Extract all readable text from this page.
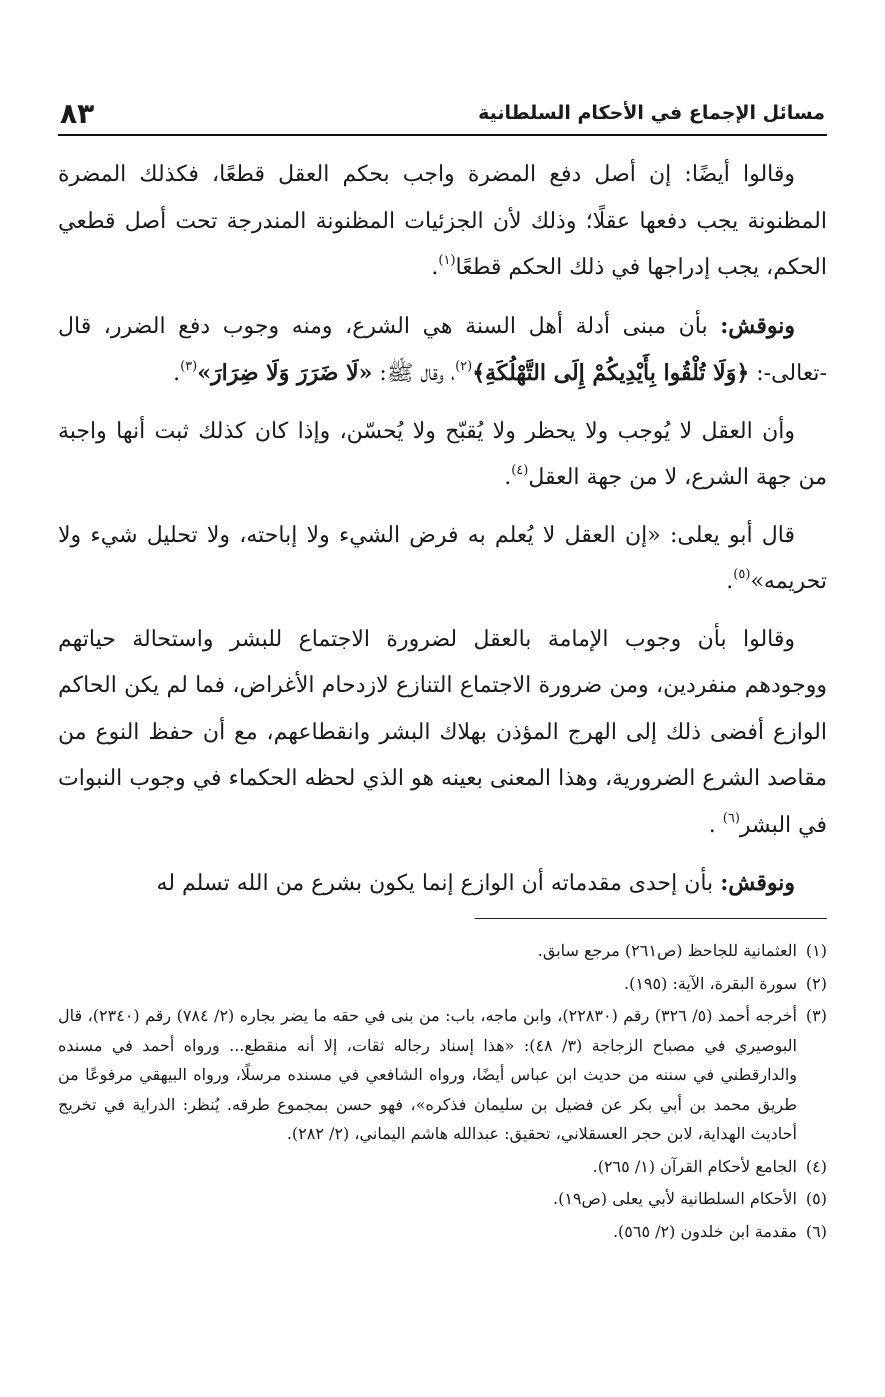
مسائل الإجماع في الأحكام السلطانية
٨٣

وقالوا أيضًا: إن أصل دفع المضرة واجب بحكم العقل قطعًا، فكذلك المضرة المظنونة يجب دفعها عقلًا؛ وذلك لأن الجزئيات المظنونة المندرجة تحت أصل قطعي الحكم، يجب إدراجها في ذلك الحكم قطعًا$^{(١)}$.

ونوقش: بأن مبنى أدلة أهل السنة هي الشرع، ومنه وجوب دفع الضرر، قال -تعالى-: ﴿وَلَا تُلْقُوا بِأَيْدِيكُمْ إِلَى التَّهْلُكَةِ﴾$^{(٢)}$، وقال ﷺ: «لَا ضَرَرَ وَلَا ضِرَارَ»$^{(٣)}$.

وأن العقل لا يُوجب ولا يحظر ولا يُقبّح ولا يُحسّن، وإذا كان كذلك ثبت أنها واجبة من جهة الشرع، لا من جهة العقل$^{(٤)}$.

قال أبو يعلى: «إن العقل لا يُعلم به فرض الشيء ولا إباحته، ولا تحليل شيء ولا تحريمه»$^{(٥)}$.

وقالوا بأن وجوب الإمامة بالعقل لضرورة الاجتماع للبشر واستحالة حياتهم ووجودهم منفردين، ومن ضرورة الاجتماع التنازع لازدحام الأغراض، فما لم يكن الحاكم الوازع أفضى ذلك إلى الهرج المؤذن بهلاك البشر وانقطاعهم، مع أن حفظ النوع من مقاصد الشرع الضرورية، وهذا المعنى بعينه هو الذي لحظه الحكماء في وجوب النبوات في البشر$^{(٦)}$ .

ونوقش: بأن إحدى مقدماته أن الوازع إنما يكون بشرع من الله تسلم له

(١)
العثمانية للجاحظ (ص٢٦١) مرجع سابق.
(٢)
سورة البقرة، الآية: (١٩٥).
(٣)
أخرجه أحمد (٥/ ٣٢٦) رقم (٢٢٨٣٠)، وابن ماجه، باب: من بنى في حقه ما يضر بجاره (٢/ ٧٨٤) رقم (٢٣٤٠)، قال البوصيري في مصباح الزجاجة (٣/ ٤٨): «هذا إسناد رجاله ثقات، إلا أنه منقطع... ورواه أحمد في مسنده والدارقطني في سننه من حديث ابن عباس أيضًا، ورواه الشافعي في مسنده مرسلًا، ورواه البيهقي مرفوعًا من طريق محمد بن أبي بكر عن فضيل بن سليمان فذكره»، فهو حسن بمجموع طرقه. يُنظر: الدراية في تخريج أحاديث الهداية، لابن حجر العسقلاني، تحقيق: عبدالله هاشم اليماني، (٢/ ٢٨٢).
(٤)
الجامع لأحكام القرآن (١/ ٢٦٥).
(٥)
الأحكام السلطانية لأبي يعلى (ص١٩).
(٦)
مقدمة ابن خلدون (٢/ ٥٦٥).
